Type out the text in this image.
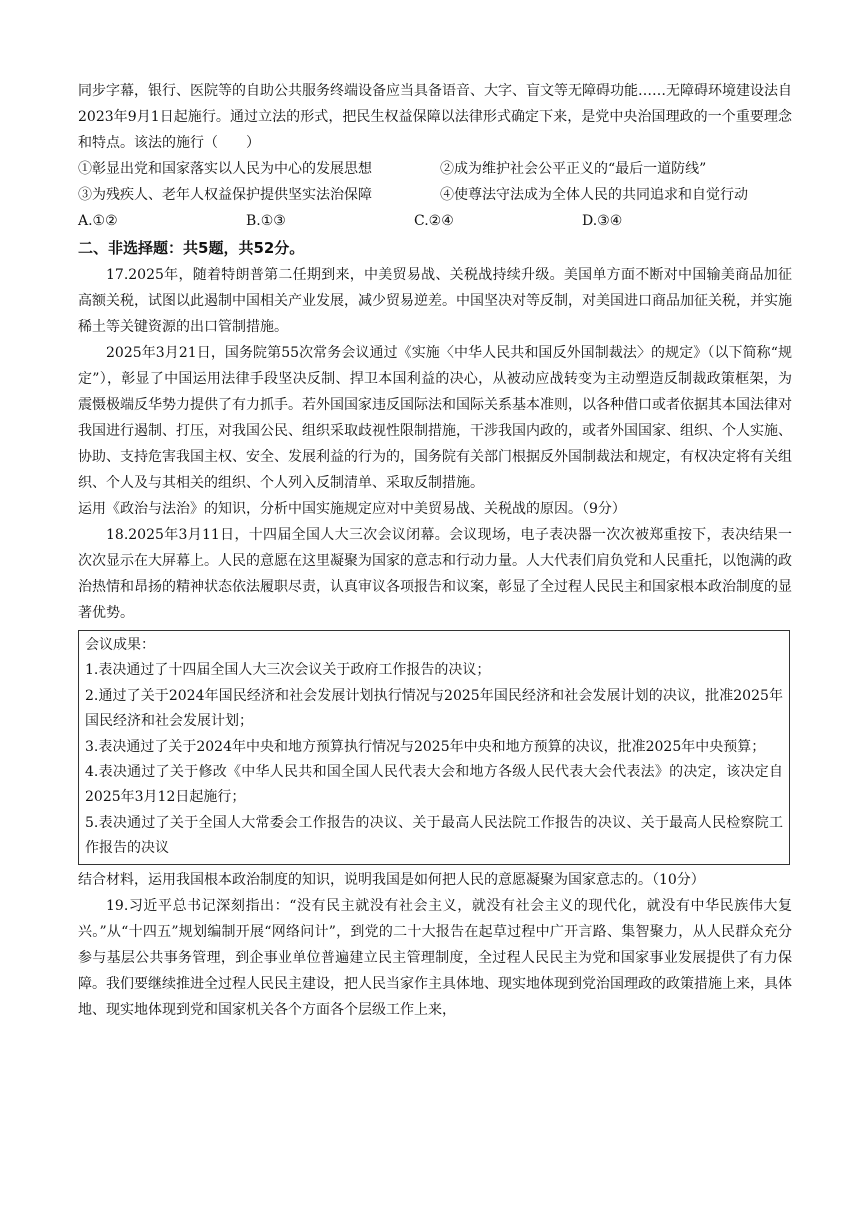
同步字幕，银行、医院等的自助公共服务终端设备应当具备语音、大字、盲文等无障碍功能……无障碍环境建设法自2023年9月1日起施行。通过立法的形式，把民生权益保障以法律形式确定下来，是党中央治国理政的一个重要理念和特点。该法的施行（　　）

①彰显出党和国家落实以人民为中心的发展思想	②成为维护社会公平正义的“最后一道防线”
③为残疾人、老年人权益保护提供坚实法治保障	④使尊法守法成为全体人民的共同追求和自觉行动
A.①②	B.①③	C.②④	D.③④
二、非选择题：共5题，共52分。

17.2025年，随着特朗普第二任期到来，中美贸易战、关税战持续升级。美国单方面不断对中国输美商品加征高额关税，试图以此遏制中国相关产业发展，减少贸易逆差。中国坚决对等反制，对美国进口商品加征关税，并实施稀土等关键资源的出口管制措施。

2025年3月21日，国务院第55次常务会议通过《实施〈中华人民共和国反外国制裁法〉的规定》（以下简称“规定”），彰显了中国运用法律手段坚决反制、捍卫本国利益的决心，从被动应战转变为主动塑造反制裁政策框架，为震慑极端反华势力提供了有力抓手。若外国国家违反国际法和国际关系基本准则，以各种借口或者依据其本国法律对我国进行遏制、打压，对我国公民、组织采取歧视性限制措施，干涉我国内政的，或者外国国家、组织、个人实施、协助、支持危害我国主权、安全、发展利益的行为的，国务院有关部门根据反外国制裁法和规定，有权决定将有关组织、个人及与其相关的组织、个人列入反制清单、采取反制措施。

运用《政治与法治》的知识，分析中国实施规定应对中美贸易战、关税战的原因。（9分）

18.2025年3月11日，十四届全国人大三次会议闭幕。会议现场，电子表决器一次次被郑重按下，表决结果一次次显示在大屏幕上。人民的意愿在这里凝聚为国家的意志和行动力量。人大代表们肩负党和人民重托，以饱满的政治热情和昂扬的精神状态依法履职尽责，认真审议各项报告和议案，彰显了全过程人民民主和国家根本政治制度的显著优势。

会议成果：

1.表决通过了十四届全国人大三次会议关于政府工作报告的决议；

2.通过了关于2024年国民经济和社会发展计划执行情况与2025年国民经济和社会发展计划的决议，批准2025年国民经济和社会发展计划；

3.表决通过了关于2024年中央和地方预算执行情况与2025年中央和地方预算的决议，批准2025年中央预算；

4.表决通过了关于修改《中华人民共和国全国人民代表大会和地方各级人民代表大会代表法》的决定，该决定自2025年3月12日起施行；

5.表决通过了关于全国人大常委会工作报告的决议、关于最高人民法院工作报告的决议、关于最高人民检察院工作报告的决议

结合材料，运用我国根本政治制度的知识，说明我国是如何把人民的意愿凝聚为国家意志的。（10分）

19.习近平总书记深刻指出：“没有民主就没有社会主义，就没有社会主义的现代化，就没有中华民族伟大复兴。”从“十四五”规划编制开展“网络问计”，到党的二十大报告在起草过程中广开言路、集智聚力，从人民群众充分参与基层公共事务管理，到企事业单位普遍建立民主管理制度，全过程人民民主为党和国家事业发展提供了有力保障。我们要继续推进全过程人民民主建设，把人民当家作主具体地、现实地体现到党治国理政的政策措施上来，具体地、现实地体现到党和国家机关各个方面各个层级工作上来，
